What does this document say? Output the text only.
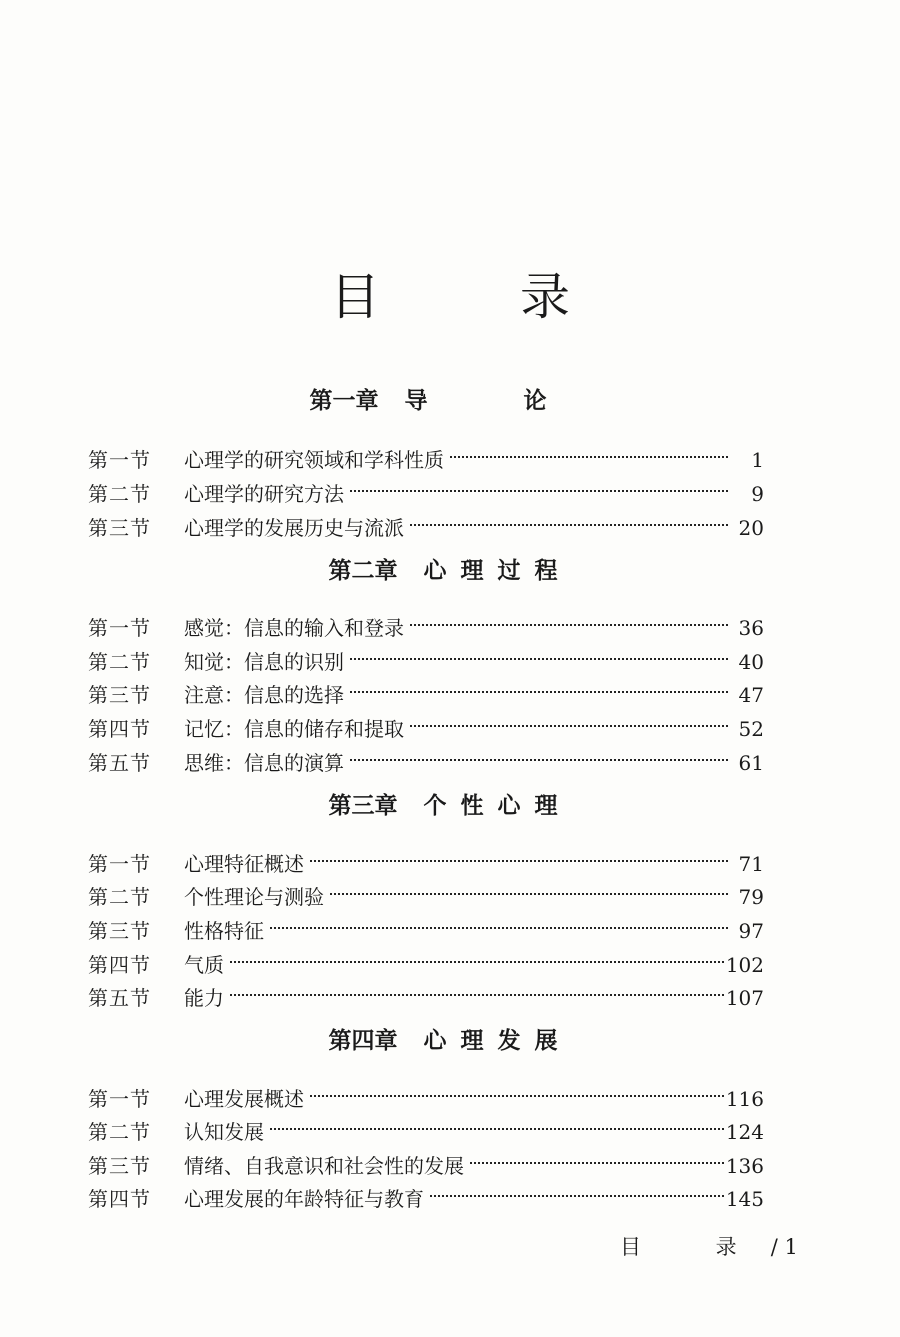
目 录
第一章 导 论
第一节	心理学的研究领域和学科性质	1
第二节	心理学的研究方法	9
第三节	心理学的发展历史与流派	20
第二章 心理过程
第一节	感觉：信息的输入和登录	36
第二节	知觉：信息的识别	40
第三节	注意：信息的选择	47
第四节	记忆：信息的储存和提取	52
第五节	思维：信息的演算	61
第三章 个性心理
第一节	心理特征概述	71
第二节	个性理论与测验	79
第三节	性格特征	97
第四节	气质	102
第五节	能力	107
第四章 心理发展
第一节	心理发展概述	116
第二节	认知发展	124
第三节	情绪、自我意识和社会性的发展	136
第四节	心理发展的年龄特征与教育	145
目 录/ 1
